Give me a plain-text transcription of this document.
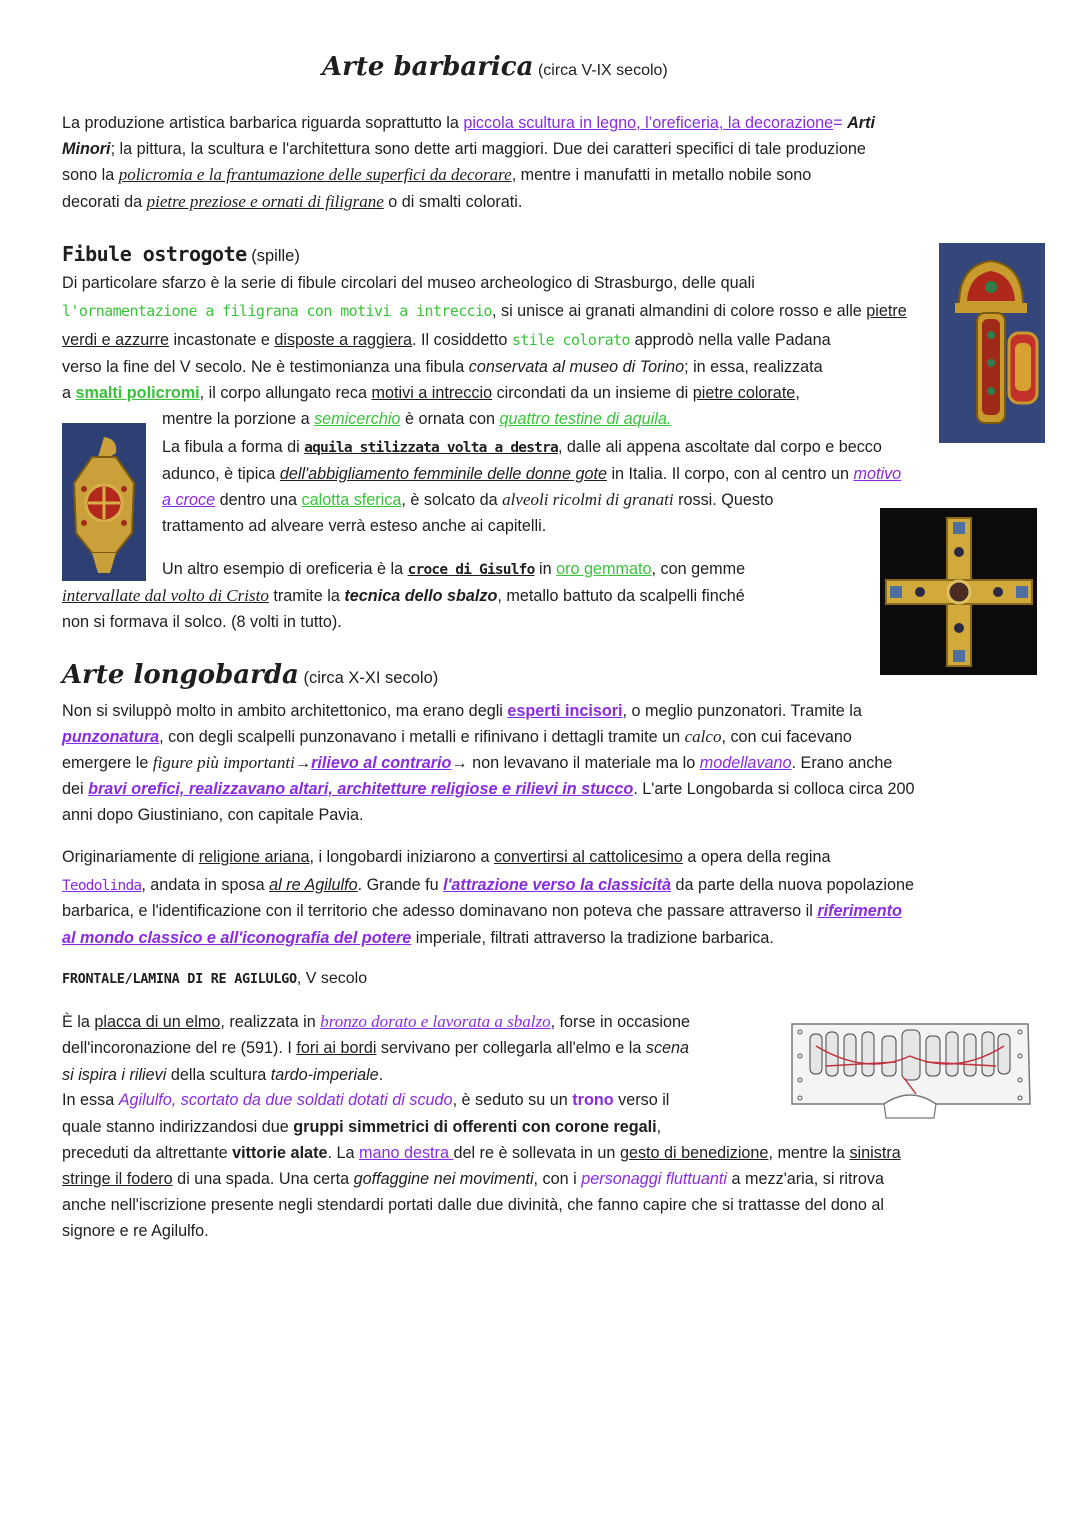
Arte barbarica (circa V-IX secolo)
La produzione artistica barbarica riguarda soprattutto la piccola scultura in legno, l’oreficeria, la decorazione= Arti
Minori; la pittura, la scultura e l'architettura sono dette arti maggiori. Due dei caratteri specifici di tale produzione
sono la policromia e la frantumazione delle superfici da decorare, mentre i manufatti in metallo nobile sono
decorati da pietre preziose e ornati di filigrane o di smalti colorati.
Fibule ostrogote (spille)
Di particolare sfarzo è la serie di fibule circolari del museo archeologico di Strasburgo, delle quali
l'ornamentazione a filigrana con motivi a intreccio, si unisce ai granati almandini di colore rosso e alle pietre
verdi e azzurre incastonate e disposte a raggiera. Il cosiddetto stile colorato approdò nella valle Padana
verso la fine del V secolo. Ne è testimonianza una fibula conservata al museo di Torino; in essa, realizzata
a smalti policromi, il corpo allungato reca motivi a intreccio circondati da un insieme di pietre colorate,
mentre la porzione a semicerchio è ornata con quattro testine di aquila.
La fibula a forma di aquila stilizzata volta a destra, dalle ali appena ascoltate dal corpo e becco
adunco, è tipica dell'abbigliamento femminile delle donne gote in Italia. Il corpo, con al centro un motivo
a croce dentro una calotta sferica, è solcato da alveoli ricolmi di granati rossi. Questo
trattamento ad alveare verrà esteso anche ai capitelli.
Un altro esempio di oreficeria è la croce di Gisulfo in oro gemmato, con gemme
intervallate dal volto di Cristo tramite la tecnica dello sbalzo, metallo battuto da scalpelli finché
non si formava il solco. (8 volti in tutto).
Arte longobarda (circa X-XI secolo)
Non si sviluppò molto in ambito architettonico, ma erano degli esperti incisori, o meglio punzonatori. Tramite la
punzonatura, con degli scalpelli punzonavano i metalli e rifinivano i dettagli tramite un calco, con cui facevano
emergere le figure più importanti→rilievo al contrario→ non levavano il materiale ma lo modellavano. Erano anche
dei bravi orefici, realizzavano altari, architetture religiose e rilievi in stucco. L'arte Longobarda si colloca circa 200
anni dopo Giustiniano, con capitale Pavia.
Originariamente di religione ariana, i longobardi iniziarono a convertirsi al cattolicesimo a opera della regina
Teodolinda, andata in sposa al re Agilulfo. Grande fu l'attrazione verso la classicità da parte della nuova popolazione
barbarica, e l'identificazione con il territorio che adesso dominavano non poteva che passare attraverso il riferimento
al mondo classico e all'iconografia del potere imperiale, filtrati attraverso la tradizione barbarica.
FRONTALE/LAMINA DI RE AGILULGO, V secolo
È la placca di un elmo, realizzata in bronzo dorato e lavorata a sbalzo, forse in occasione
dell'incoronazione del re (591). I fori ai bordi servivano per collegarla all'elmo e la scena
si ispira i rilievi della scultura tardo-imperiale.
In essa Agilulfo, scortato da due soldati dotati di scudo, è seduto su un trono verso il
quale stanno indirizzandosi due gruppi simmetrici di offerenti con corone regali,
preceduti da altrettante vittorie alate. La mano destra del re è sollevata in un gesto di benedizione, mentre la sinistra
stringe il fodero di una spada. Una certa goffaggine nei movimenti, con i personaggi fluttuanti a mezz'aria, si ritrova
anche nell'iscrizione presente negli stendardi portati dalle due divinità, che fanno capire che si trattasse del dono al
signore e re Agilulfo.
